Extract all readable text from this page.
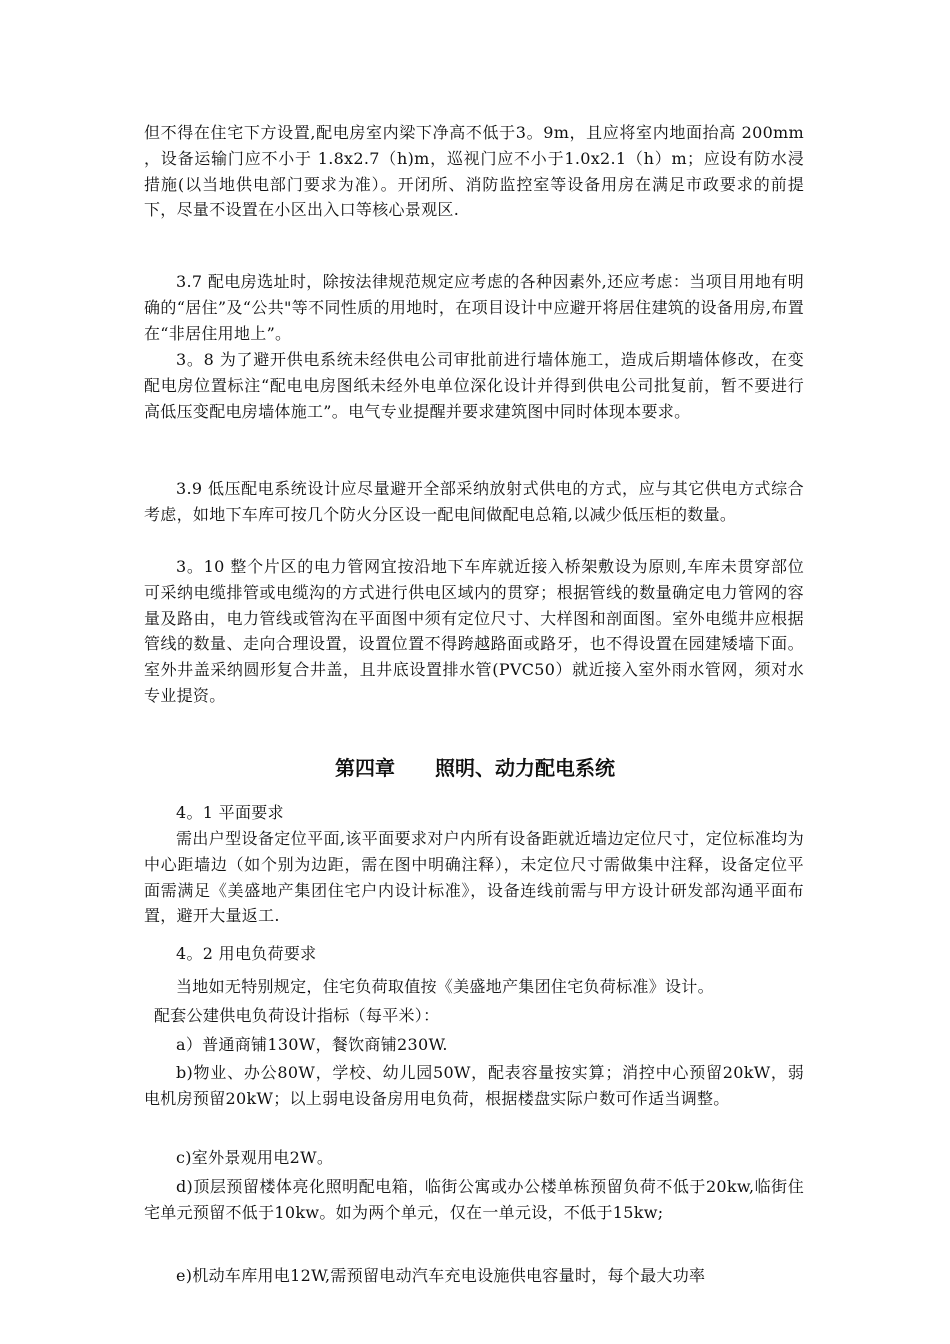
但不得在住宅下方设置,配电房室内梁下净高不低于3。9m，且应将室内地面抬高 200mm ，设备运输门应不小于 1.8x2.7（h)m，巡视门应不小于1.0x2.1（h）m；应设有防水浸措施(以当地供电部门要求为准）。开闭所、消防监控室等设备用房在满足市政要求的前提下，尽量不设置在小区出入口等核心景观区.

3.7 配电房选址时，除按法律规范规定应考虑的各种因素外,还应考虑：当项目用地有明确的“居住”及“公共"等不同性质的用地时，在项目设计中应避开将居住建筑的设备用房,布置在“非居住用地上”。

3。8 为了避开供电系统未经供电公司审批前进行墙体施工，造成后期墙体修改，在变配电房位置标注“配电电房图纸未经外电单位深化设计并得到供电公司批复前，暂不要进行高低压变配电房墙体施工”。电气专业提醒并要求建筑图中同时体现本要求。

3.9 低压配电系统设计应尽量避开全部采纳放射式供电的方式，应与其它供电方式综合考虑，如地下车库可按几个防火分区设一配电间做配电总箱,以减少低压柜的数量。

3。10 整个片区的电力管网宜按沿地下车库就近接入桥架敷设为原则,车库未贯穿部位可采纳电缆排管或电缆沟的方式进行供电区域内的贯穿；根据管线的数量确定电力管网的容量及路由，电力管线或管沟在平面图中须有定位尺寸、大样图和剖面图。室外电缆井应根据管线的数量、走向合理设置，设置位置不得跨越路面或路牙，也不得设置在园建矮墙下面。室外井盖采纳圆形复合井盖，且井底设置排水管(PVC50）就近接入室外雨水管网，须对水专业提资。

第四章　　照明、动力配电系统

4。1 平面要求

需出户型设备定位平面,该平面要求对户内所有设备距就近墙边定位尺寸，定位标准均为中心距墙边（如个别为边距，需在图中明确注释），未定位尺寸需做集中注释，设备定位平面需满足《美盛地产集团住宅户内设计标准》，设备连线前需与甲方设计研发部沟通平面布置，避开大量返工.

4。2 用电负荷要求

当地如无特别规定，住宅负荷取值按《美盛地产集团住宅负荷标准》设计。

配套公建供电负荷设计指标（每平米）：

a）普通商铺130W，餐饮商铺230W.

b)物业、办公80W，学校、幼儿园50W，配表容量按实算；消控中心预留20kW，弱电机房预留20kW；以上弱电设备房用电负荷，根据楼盘实际户数可作适当调整。

c)室外景观用电2W。

d)顶层预留楼体亮化照明配电箱，临街公寓或办公楼单栋预留负荷不低于20kw,临街住宅单元预留不低于10kw。如为两个单元，仅在一单元设，不低于15kw;

e)机动车库用电12W,需预留电动汽车充电设施供电容量时，每个最大功率
